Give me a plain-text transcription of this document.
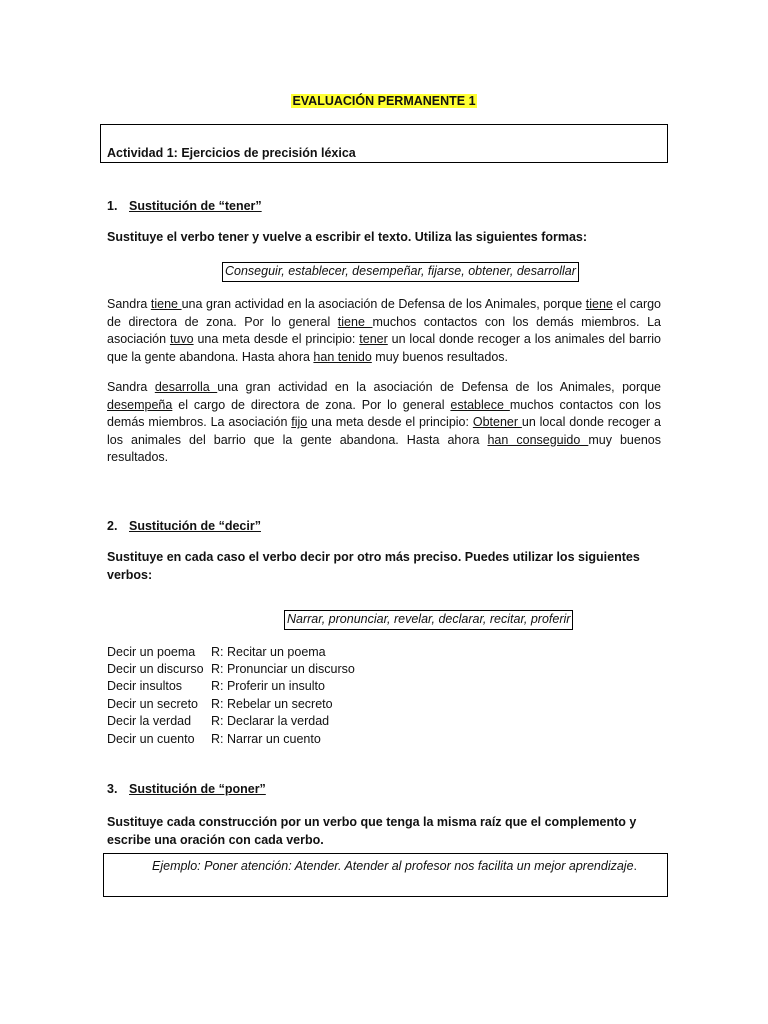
EVALUACIÓN PERMANENTE 1
Actividad 1: Ejercicios de precisión léxica
1. Sustitución de “tener”
Sustituye el verbo tener y vuelve a escribir el texto. Utiliza las siguientes formas:
Conseguir, establecer, desempeñar, fijarse, obtener, desarrollar
Sandra tiene una gran actividad en la asociación de Defensa de los Animales, porque tiene el cargo de directora de zona. Por lo general tiene muchos contactos con los demás miembros. La asociación tuvo una meta desde el principio: tener un local donde recoger a los animales del barrio que la gente abandona. Hasta ahora han tenido muy buenos resultados.
Sandra desarrolla una gran actividad en la asociación de Defensa de los Animales, porque desempeña el cargo de directora de zona. Por lo general establece muchos contactos con los demás miembros. La asociación fijo una meta desde el principio: Obtener un local donde recoger a los animales del barrio que la gente abandona. Hasta ahora han conseguido muy buenos resultados.
2. Sustitución de “decir”
Sustituye en cada caso el verbo decir por otro más preciso. Puedes utilizar los siguientes verbos:
Narrar, pronunciar, revelar, declarar, recitar, proferir
Decir un poema R: Recitar un poema
Decir un discurso R: Pronunciar un discurso
Decir insultos R: Proferir un insulto
Decir un secreto R: Rebelar un secreto
Decir la verdad R: Declarar la verdad
Decir un cuento R: Narrar un cuento
3. Sustitución de “poner”
Sustituye cada construcción por un verbo que tenga la misma raíz que el complemento y escribe una oración con cada verbo.
Ejemplo: Poner atención: Atender. Atender al profesor nos facilita un mejor aprendizaje.
